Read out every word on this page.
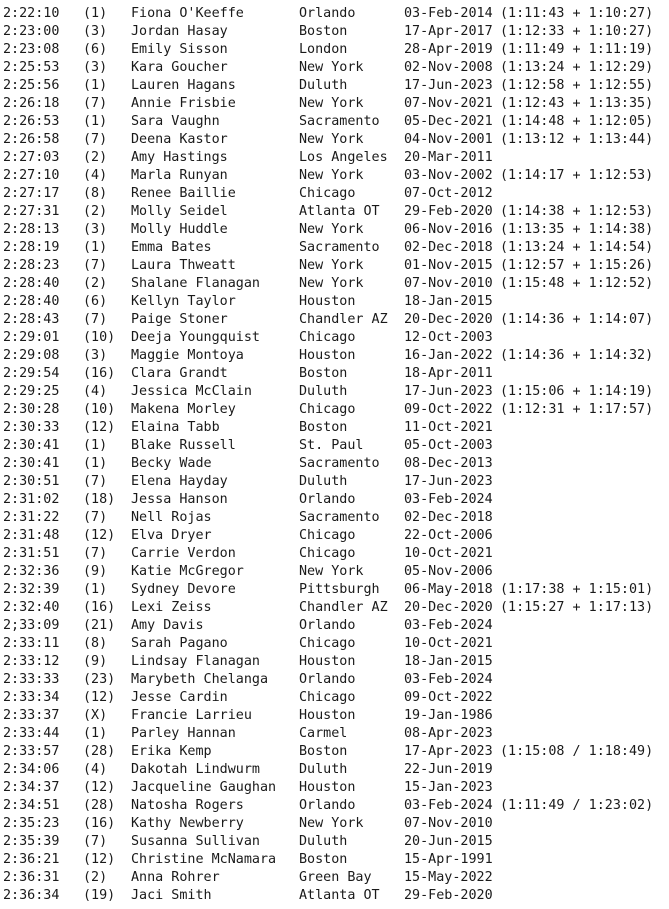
2:22:10 (1) Fiona O'Keeffe	Orlando	03-Feb-2014 (1:11:43 + 1:10:27)
2:23:00 (3) Jordan Hasay	Boston	17-Apr-2017 (1:12:33 + 1:10:27)
2:23:08 (6) Emily Sisson	London	28-Apr-2019 (1:11:49 + 1:11:19)
2:25:53 (3) Kara Goucher	New York	02-Nov-2008 (1:13:24 + 1:12:29)
2:25:56 (1) Lauren Hagans	Duluth	17-Jun-2023 (1:12:58 + 1:12:55)
2:26:18 (7) Annie Frisbie	New York	07-Nov-2021 (1:12:43 + 1:13:35)
2:26:53 (1) Sara Vaughn	Sacramento 05-Dec-2021 (1:14:48 + 1:12:05)
2:26:58 (7) Deena Kastor	New York	04-Nov-2001 (1:13:12 + 1:13:44)
2:27:03 (2) Amy Hastings	Los Angeles 20-Mar-2011
2:27:10 (4) Marla Runyan	New York	03-Nov-2002 (1:14:17 + 1:12:53)
2:27:17 (8) Renee Baillie	Chicago	07-Oct-2012
2:27:31 (2) Molly Seidel	Atlanta OT 29-Feb-2020 (1:14:38 + 1:12:53)
2:28:13 (3) Molly Huddle	New York	06-Nov-2016 (1:13:35 + 1:14:38)
2:28:19 (1) Emma Bates	Sacramento 02-Dec-2018 (1:13:24 + 1:14:54)
2:28:23 (7) Laura Thweatt	New York	01-Nov-2015 (1:12:57 + 1:15:26)
2:28:40 (2) Shalane Flanagan	New York	07-Nov-2010 (1:15:48 + 1:12:52)
2:28:40 (6) Kellyn Taylor	Houston	18-Jan-2015
2:28:43 (7) Paige Stoner	Chandler AZ 20-Dec-2020 (1:14:36 + 1:14:07)
2:29:01 (10) Deeja Youngquist	Chicago	12-Oct-2003
2:29:08 (3) Maggie Montoya	Houston	16-Jan-2022 (1:14:36 + 1:14:32)
2:29:54 (16) Clara Grandt	Boston	18-Apr-2011
2:29:25 (4) Jessica McClain	Duluth	17-Jun-2023 (1:15:06 + 1:14:19)
2:30:28 (10) Makena Morley	Chicago	09-Oct-2022 (1:12:31 + 1:17:57)
2:30:33 (12) Elaina Tabb	Boston	11-Oct-2021
2:30:41 (1) Blake Russell	St. Paul	05-Oct-2003
2:30:41 (1) Becky Wade	Sacramento 08-Dec-2013
2:30:51 (7) Elena Hayday	Duluth	17-Jun-2023
2:31:02 (18) Jessa Hanson	Orlando	03-Feb-2024
2:31:22 (7) Nell Rojas	Sacramento 02-Dec-2018
2:31:48 (12) Elva Dryer	Chicago	22-Oct-2006
2:31:51 (7) Carrie Verdon	Chicago	10-Oct-2021
2:32:36 (9) Katie McGregor	New York	05-Nov-2006
2:32:39 (1) Sydney Devore	Pittsburgh 06-May-2018 (1:17:38 + 1:15:01)
2:32:40 (16) Lexi Zeiss	Chandler AZ 20-Dec-2020 (1:15:27 + 1:17:13)
2;33:09 (21) Amy Davis	Orlando	03-Feb-2024
2:33:11 (8) Sarah Pagano	Chicago	10-Oct-2021
2:33:12 (9) Lindsay Flanagan	Houston	18-Jan-2015
2:33:33 (23) Marybeth Chelanga Orlando	03-Feb-2024
2:33:34 (12) Jesse Cardin	Chicago	09-Oct-2022
2:33:37 (X) Francie Larrieu	Houston	19-Jan-1986
2:33:44 (1) Parley Hannan	Carmel	08-Apr-2023
2:33:57 (28) Erika Kemp	Boston	17-Apr-2023 (1:15:08 / 1:18:49)
2:34:06 (4) Dakotah Lindwurm	Duluth	22-Jun-2019
2:34:37 (12) Jacqueline Gaughan Houston	15-Jan-2023
2:34:51 (28) Natosha Rogers	Orlando	03-Feb-2024 (1:11:49 / 1:23:02)
2:35:23 (16) Kathy Newberry	New York	07-Nov-2010
2:35:39 (7) Susanna Sullivan	Duluth	20-Jun-2015
2:36:21 (12) Christine McNamara Boston	15-Apr-1991
2:36:31 (2) Anna Rohrer	Green Bay 15-May-2022
2:36:34 (19) Jaci Smith	Atlanta OT 29-Feb-2020
